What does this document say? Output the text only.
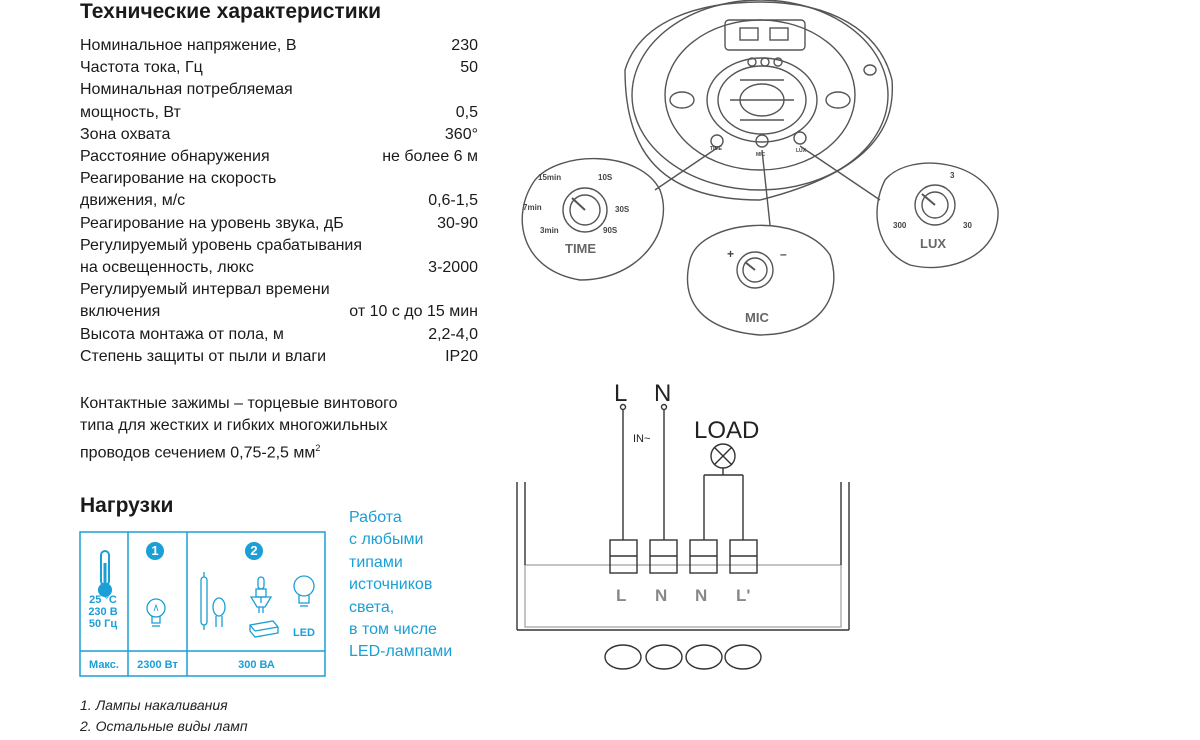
Технические характеристики
Номинальное напряжение, В	230
Частота тока, Гц	50
Номинальная потребляемая
мощность, Вт	0,5
Зона охвата	360°
Расстояние обнаружения	не более 6 м
Реагирование на скорость
движения, м/с	0,6-1,5
Реагирование на уровень звука, дБ	30-90
Регулируемый уровень срабатывания
на освещенность, люкс	3-2000
Регулируемый интервал времени
включения	от 10 с до 15 мин
Высота монтажа от пола, м	2,2-4,0
Степень защиты от пыли и влаги	IP20
Контактные зажимы – торцевые винтового
типа для жестких и гибких многожильных
проводов сечением 0,75-2,5 $мм^2$
Нагрузки
25 °C
230 В
50 Гц
1	2
LED
Макс.	2300 Вт	300 ВА
Работа
с любыми
типами
источников
света,
в том числе
LED-лампами
1. Лампы накаливания
2. Остальные виды ламп
15min	10S
7min	30S
3min	90S
3
300	30
+	–
TIME
MIC
LUX
TIME
MIC
LUX
L N
IN~ LOAD
L N N L'
